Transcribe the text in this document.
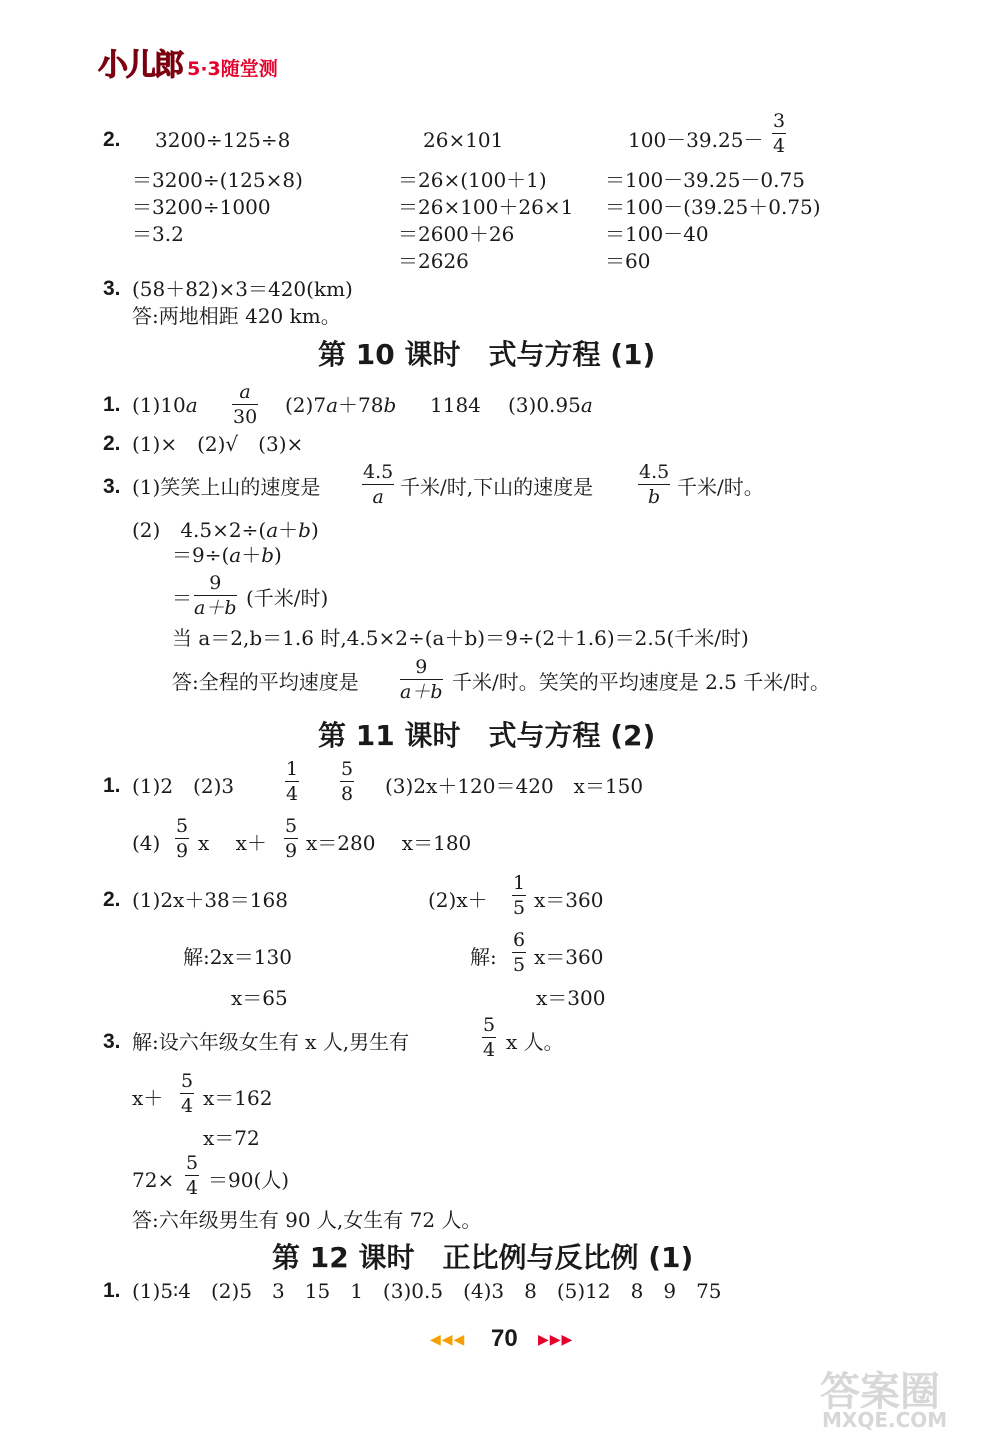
小儿郎 5·3随堂测
2. 3200÷125÷8
＝3200÷(125×8)
＝3200÷1000
＝3.2
26×101
＝26×(100＋1)
＝26×100＋26×1
＝2600＋26
＝2626
100－39.25－
3
4
＝100－39.25－0.75
＝100－(39.25＋0.75)
＝100－40
＝60
3. (58＋82)×3＝420(km)
答:两地相距 420 km。
第 10 课时　式与方程 (1)
1. (1)10a
a
30 (2)7a＋78b 1184 (3)0.95a
2. (1)×　(2)√　(3)×
3. (1)笑笑上山的速度是
4.5
a 千米/时,下山的速度是
4.5
b 千米/时。
(2)　4.5×2÷(a＋b)
＝9÷(a＋b)
＝
9
a＋b (千米/时)
当 a＝2,b＝1.6 时,4.5×2÷(a＋b)＝9÷(2＋1.6)＝2.5(千米/时)
答:全程的平均速度是
9
a＋b 千米/时。笑笑的平均速度是 2.5 千米/时。
第 11 课时　式与方程 (2)
1. (1)2　(2)3
1
4
5
8 (3)2x＋120＝420　x＝150
(4)
5
9 x　 x＋
5
9 x＝280　 x＝180
2. (1)2x＋38＝168
解:2x＝130
x＝65
(2)x＋
1
5 x＝360
解:
6
5 x＝360
x＝300
3. 解:设六年级女生有 x 人,男生有
5
4 x 人。
x＋
5
4 x＝162
x＝72
72×
5
4 ＝90(人)
答:六年级男生有 90 人,女生有 72 人。
第 12 课时　正比例与反比例 (1)
1. (1)5∶4　(2)5　3　15　1　(3)0.5　(4)3　8　(5)12　8　9　75
◀◀◀ 70 ▶▶▶
答案圈
MXQE.COM
